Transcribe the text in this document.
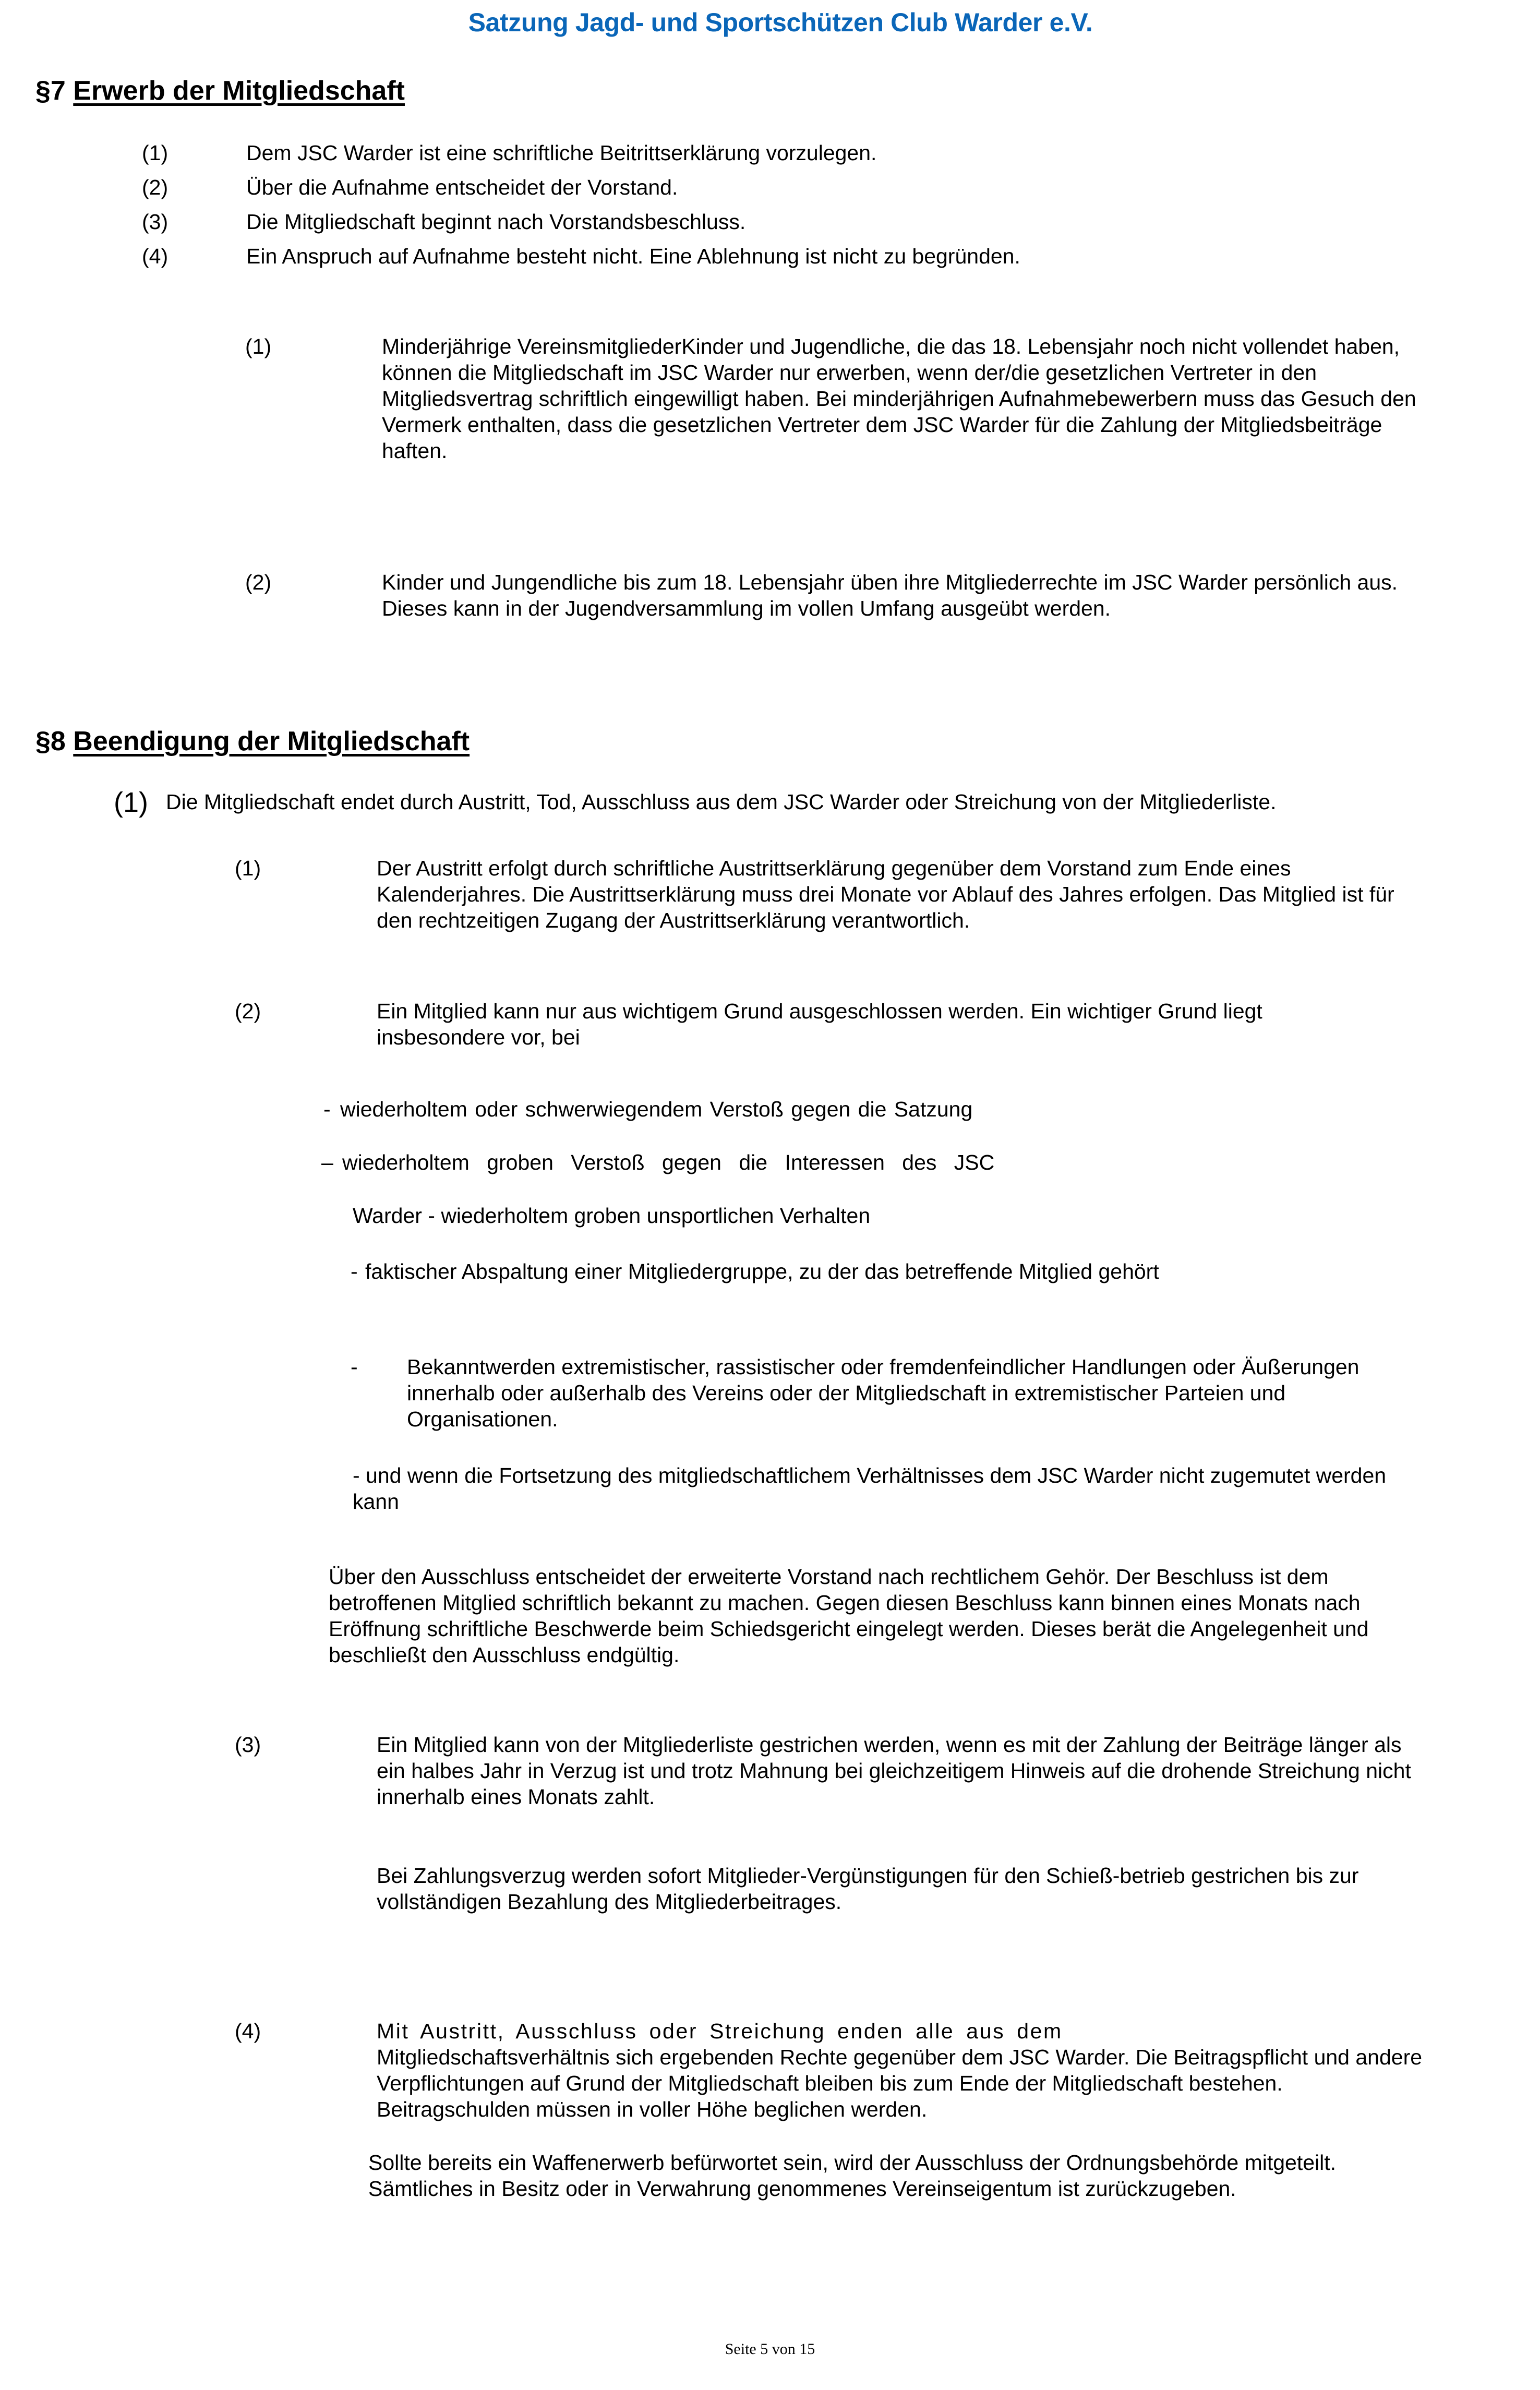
Satzung Jagd- und Sportschützen Club Warder e.V.
§7 Erwerb der Mitgliedschaft
(1)	Dem JSC Warder ist eine schriftliche Beitrittserklärung vorzulegen.
(2)	Über die Aufnahme entscheidet der Vorstand.
(3)	Die Mitgliedschaft beginnt nach Vorstandsbeschluss.
(4)	Ein Anspruch auf Aufnahme besteht nicht. Eine Ablehnung ist nicht zu begründen.
(1)	Minderjährige VereinsmitgliederKinder und Jugendliche, die das 18. Lebensjahr noch nicht vollendet haben, können die Mitgliedschaft im JSC Warder nur erwerben, wenn der/die gesetzlichen Vertreter in den Mitgliedsvertrag schriftlich eingewilligt haben. Bei minderjährigen Aufnahmebewerbern muss das Gesuch den Vermerk enthalten, dass die gesetzlichen Vertreter dem JSC Warder für die Zahlung der Mitgliedsbeiträge haften.
(2)	Kinder und Jungendliche bis zum 18. Lebensjahr üben ihre Mitgliederrechte im JSC Warder persönlich aus. Dieses kann in der Jugendversammlung im vollen Umfang ausgeübt werden.
§8 Beendigung der Mitgliedschaft
(1) Die Mitgliedschaft endet durch Austritt, Tod, Ausschluss aus dem JSC Warder oder Streichung von der Mitgliederliste.
(1)	Der Austritt erfolgt durch schriftliche Austrittserklärung gegenüber dem Vorstand zum Ende eines Kalenderjahres. Die Austrittserklärung muss drei Monate vor Ablauf des Jahres erfolgen. Das Mitglied ist für den rechtzeitigen Zugang der Austrittserklärung verantwortlich.
(2)	Ein Mitglied kann nur aus wichtigem Grund ausgeschlossen werden. Ein wichtiger Grund liegt insbesondere vor, bei
- wiederholtem oder schwerwiegendem Verstoß gegen die Satzung
– wiederholtem groben Verstoß gegen die Interessen des JSC
Warder - wiederholtem groben unsportlichen Verhalten
- faktischer Abspaltung einer Mitgliedergruppe, zu der das betreffende Mitglied gehört
-	Bekanntwerden extremistischer, rassistischer oder fremdenfeindlicher Handlungen oder Äußerungen innerhalb oder außerhalb des Vereins oder der Mitgliedschaft in extremistischer Parteien und Organisationen.
- und wenn die Fortsetzung des mitgliedschaftlichem Verhältnisses dem JSC Warder nicht zugemutet werden kann
Über den Ausschluss entscheidet der erweiterte Vorstand nach rechtlichem Gehör. Der Beschluss ist dem betroffenen Mitglied schriftlich bekannt zu machen. Gegen diesen Beschluss kann binnen eines Monats nach Eröffnung schriftliche Beschwerde beim Schiedsgericht eingelegt werden. Dieses berät die Angelegenheit und beschließt den Ausschluss endgültig.
(3)	Ein Mitglied kann von der Mitgliederliste gestrichen werden, wenn es mit der Zahlung der Beiträge länger als ein halbes Jahr in Verzug ist und trotz Mahnung bei gleichzeitigem Hinweis auf die drohende Streichung nicht innerhalb eines Monats zahlt.
Bei Zahlungsverzug werden sofort Mitglieder-Vergünstigungen für den Schieß-betrieb gestrichen bis zur vollständigen Bezahlung des Mitgliederbeitrages.
(4)	Mit Austritt, Ausschluss oder Streichung enden alle aus dem
Mitgliedschaftsverhältnis sich ergebenden Rechte gegenüber dem JSC Warder. Die Beitragspflicht und andere Verpflichtungen auf Grund der Mitgliedschaft bleiben bis zum Ende der Mitgliedschaft bestehen. Beitragschulden müssen in voller Höhe beglichen werden.
Sollte bereits ein Waffenerwerb befürwortet sein, wird der Ausschluss der Ordnungsbehörde mitgeteilt. Sämtliches in Besitz oder in Verwahrung genommenes Vereinseigentum ist zurückzugeben.
Seite 5 von 15
